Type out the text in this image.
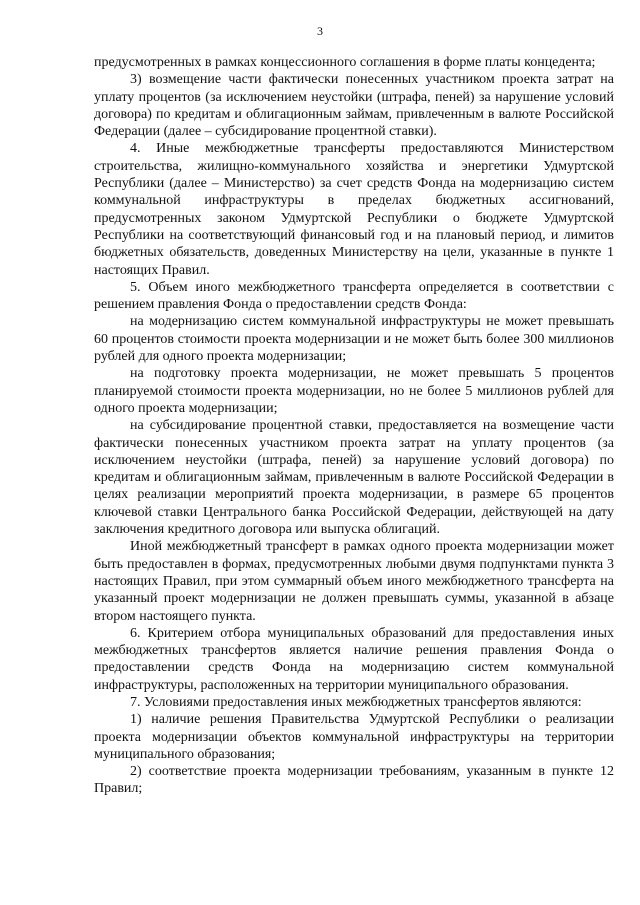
3

предусмотренных в рамках концессионного соглашения в форме платы концедента;

3) возмещение части фактически понесенных участником проекта затрат на уплату процентов (за исключением неустойки (штрафа, пеней) за нарушение условий договора) по кредитам и облигационным займам, привлеченным в валюте Российской Федерации (далее – субсидирование процентной ставки).

4. Иные межбюджетные трансферты предоставляются Министерством строительства, жилищно-коммунального хозяйства и энергетики Удмуртской Республики (далее – Министерство) за счет средств Фонда на модернизацию систем коммунальной инфраструктуры в пределах бюджетных ассигнований, предусмотренных законом Удмуртской Республики о бюджете Удмуртской Республики на соответствующий финансовый год и на плановый период, и лимитов бюджетных обязательств, доведенных Министерству на цели, указанные в пункте 1 настоящих Правил.

5. Объем иного межбюджетного трансферта определяется в соответствии с решением правления Фонда о предоставлении средств Фонда:

на модернизацию систем коммунальной инфраструктуры не может превышать 60 процентов стоимости проекта модернизации и не может быть более 300 миллионов рублей для одного проекта модернизации;

на подготовку проекта модернизации, не может превышать 5 процентов планируемой стоимости проекта модернизации, но не более 5 миллионов рублей для одного проекта модернизации;

на субсидирование процентной ставки, предоставляется на возмещение части фактически понесенных участником проекта затрат на уплату процентов (за исключением неустойки (штрафа, пеней) за нарушение условий договора) по кредитам и облигационным займам, привлеченным в валюте Российской Федерации в целях реализации мероприятий проекта модернизации, в размере 65 процентов ключевой ставки Центрального банка Российской Федерации, действующей на дату заключения кредитного договора или выпуска облигаций.

Иной межбюджетный трансферт в рамках одного проекта модернизации может быть предоставлен в формах, предусмотренных любыми двумя подпунктами пункта 3 настоящих Правил, при этом суммарный объем иного межбюджетного трансферта на указанный проект модернизации не должен превышать суммы, указанной в абзаце втором настоящего пункта.

6. Критерием отбора муниципальных образований для предоставления иных межбюджетных трансфертов является наличие решения правления Фонда о предоставлении средств Фонда на модернизацию систем коммунальной инфраструктуры, расположенных на территории муниципального образования.

7. Условиями предоставления иных межбюджетных трансфертов являются:

1) наличие решения Правительства Удмуртской Республики о реализации проекта модернизации объектов коммунальной инфраструктуры на территории муниципального образования;

2) соответствие проекта модернизации требованиям, указанным в пункте 12 Правил;
